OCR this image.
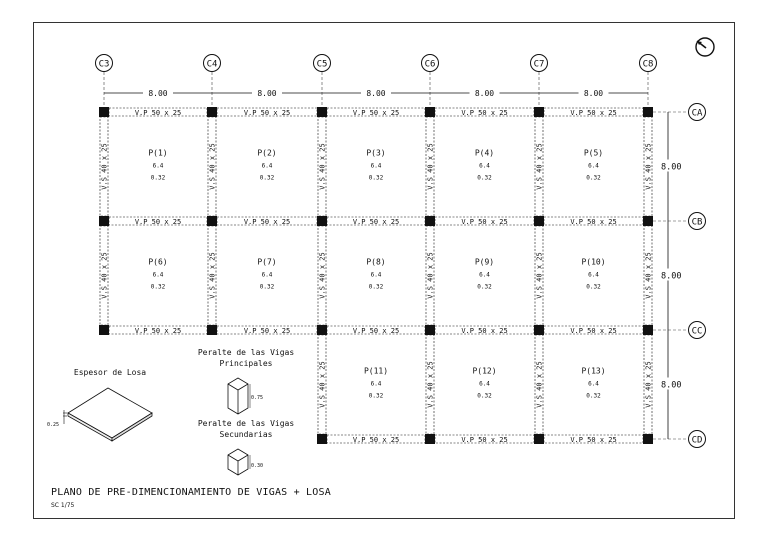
C3	C4	C5	C6	C7	C8
CA
CB
CC
CD
8.00	8.00	8.00	8.00	8.00
8.00
8.00
8.00
V.P 50 x 25	V.P 50 x 25	V.P 50 x 25	V.P 50 x 25	V.P 50 x 25
V.P 50 x 25	V.P 50 x 25	V.P 50 x 25	V.P 50 x 25	V.P 50 x 25
V.P 50 x 25	V.P 50 x 25	V.P 50 x 25	V.P 50 x 25	V.P 50 x 25
V.P 50 x 25	V.P 50 x 25	V.P 50 x 25
V.S 40 x 25	V.S 40 x 25	V.S 40 x 25	V.S 40 x 25	V.S 40 x 25	V.S 40 x 25
V.S 40 x 25	V.S 40 x 25	V.S 40 x 25	V.S 40 x 25	V.S 40 x 25	V.S 40 x 25
V.S 40 x 25	V.S 40 x 25	V.S 40 x 25	V.S 40 x 25
P(1)
6.4
0.32
P(2)
6.4
0.32
P(3)
6.4
0.32
P(4)
6.4
0.32
P(5)
6.4
0.32
P(6)
6.4
0.32
P(7)
6.4
0.32
P(8)
6.4
0.32
P(9)
6.4
0.32
P(10)
6.4
0.32
P(11)
6.4
0.32
P(12)
6.4
0.32
P(13)
6.4
0.32
Espesor de Losa
0.25
Peralte de las Vigas
Principales
0.75
Peralte de las Vigas
Secundarias
0.30
PLANO DE PRE-DIMENCIONAMIENTO DE VIGAS + LOSA
SC 1/75
